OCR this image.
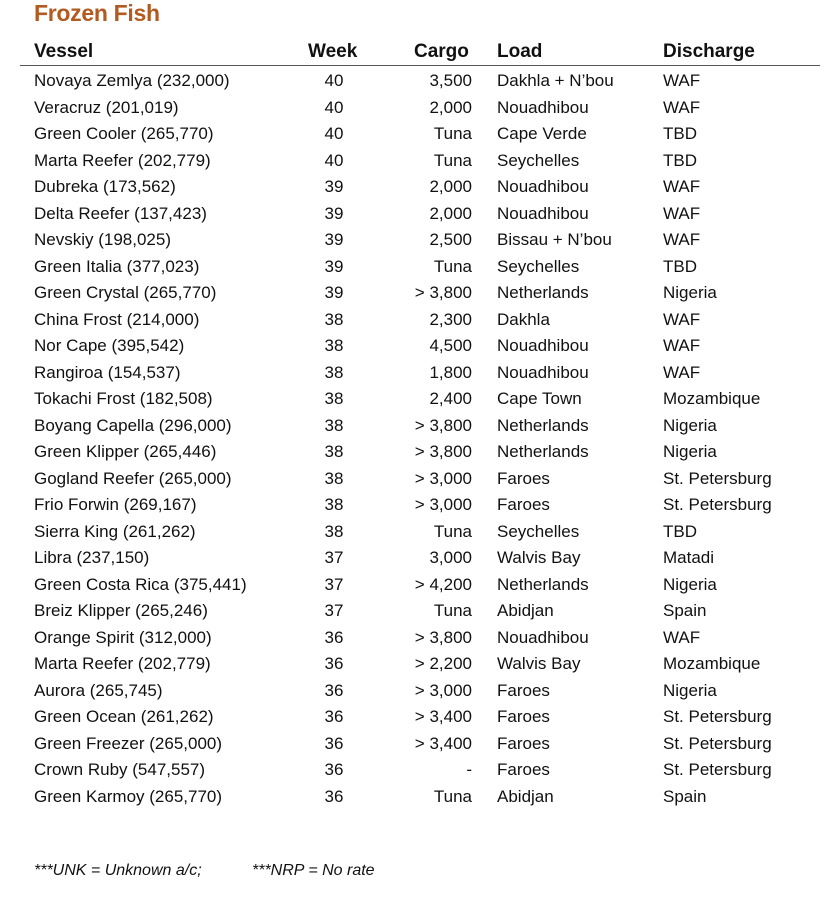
Frozen Fish
Vessel	Week	Cargo Load	Discharge
Novaya Zemlya (232,000)	40	3,500 Dakhla + N’bou	WAF
Veracruz (201,019)	40	2,000 Nouadhibou	WAF
Green Cooler (265,770)	40	Tuna Cape Verde	TBD
Marta Reefer (202,779)	40	Tuna Seychelles	TBD
Dubreka (173,562)	39	2,000 Nouadhibou	WAF
Delta Reefer (137,423)	39	2,000 Nouadhibou	WAF
Nevskiy (198,025)	39	2,500 Bissau + N’bou	WAF
Green Italia (377,023)	39	Tuna Seychelles	TBD
Green Crystal (265,770)	39	> 3,800 Netherlands	Nigeria
China Frost (214,000)	38	2,300 Dakhla	WAF
Nor Cape (395,542)	38	4,500 Nouadhibou	WAF
Rangiroa (154,537)	38	1,800 Nouadhibou	WAF
Tokachi Frost (182,508)	38	2,400 Cape Town	Mozambique
Boyang Capella (296,000)	38	> 3,800 Netherlands	Nigeria
Green Klipper (265,446)	38	> 3,800 Netherlands	Nigeria
Gogland Reefer (265,000)	38	> 3,000 Faroes	St. Petersburg
Frio Forwin (269,167)	38	> 3,000 Faroes	St. Petersburg
Sierra King (261,262)	38	Tuna Seychelles	TBD
Libra (237,150)	37	3,000 Walvis Bay	Matadi
Green Costa Rica (375,441)	37	> 4,200 Netherlands	Nigeria
Breiz Klipper (265,246)	37	Tuna Abidjan	Spain
Orange Spirit (312,000)	36	> 3,800 Nouadhibou	WAF
Marta Reefer (202,779)	36	> 2,200 Walvis Bay	Mozambique
Aurora (265,745)	36	> 3,000 Faroes	Nigeria
Green Ocean (261,262)	36	> 3,400 Faroes	St. Petersburg
Green Freezer (265,000)	36	> 3,400 Faroes	St. Petersburg
Crown Ruby (547,557)	36	- Faroes	St. Petersburg
Green Karmoy (265,770)	36	Tuna Abidjan	Spain
***UNK = Unknown a/c;	***NRP = No rate
